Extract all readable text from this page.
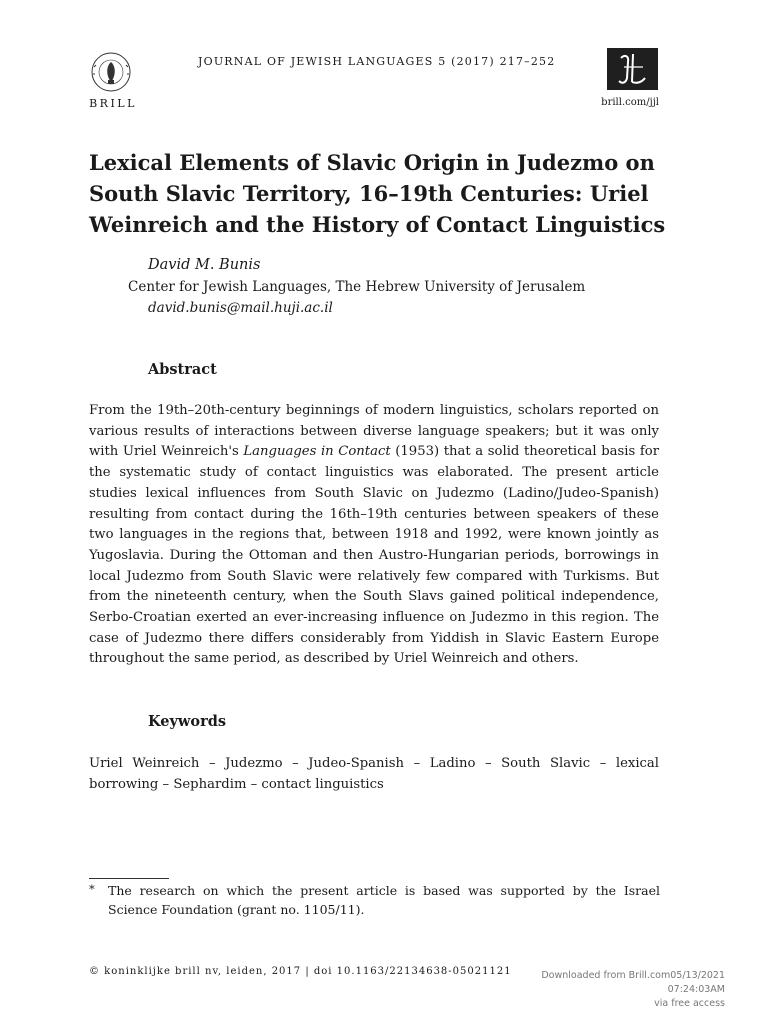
BRILL
JOURNAL OF JEWISH LANGUAGES 5 (2017) 217–252
brill.com/jjl
Lexical Elements of Slavic Origin in Judezmo on South Slavic Territory, 16–19th Centuries: Uriel Weinreich and the History of Contact Linguistics
David M. Bunis
Center for Jewish Languages, The Hebrew University of Jerusalem
david.bunis@mail.huji.ac.il
Abstract
From the 19th–20th-century beginnings of modern linguistics, scholars reported on various results of interactions between diverse language speakers; but it was only with Uriel Weinreich's Languages in Contact (1953) that a solid theoretical basis for the systematic study of contact linguistics was elaborated. The present article studies lexical influences from South Slavic on Judezmo (Ladino/Judeo-Spanish) resulting from contact during the 16th–19th centuries between speakers of these two languages in the regions that, between 1918 and 1992, were known jointly as Yugoslavia. During the Ottoman and then Austro-Hungarian periods, borrowings in local Judezmo from South Slavic were relatively few compared with Turkisms. But from the nineteenth century, when the South Slavs gained political independence, Serbo-Croatian exerted an ever-increasing influence on Judezmo in this region. The case of Judezmo there differs considerably from Yiddish in Slavic Eastern Europe throughout the same period, as described by Uriel Weinreich and others.
Keywords
Uriel Weinreich – Judezmo – Judeo-Spanish – Ladino – South Slavic – lexical borrowing – Sephardim – contact linguistics
* The research on which the present article is based was supported by the Israel Science Foundation (grant no. 1105/11).
© koninklijke brill nv, leiden, 2017 | doi 10.1163/22134638-05021121	Downloaded from Brill.com05/13/2021 07:24:03AM
via free access
